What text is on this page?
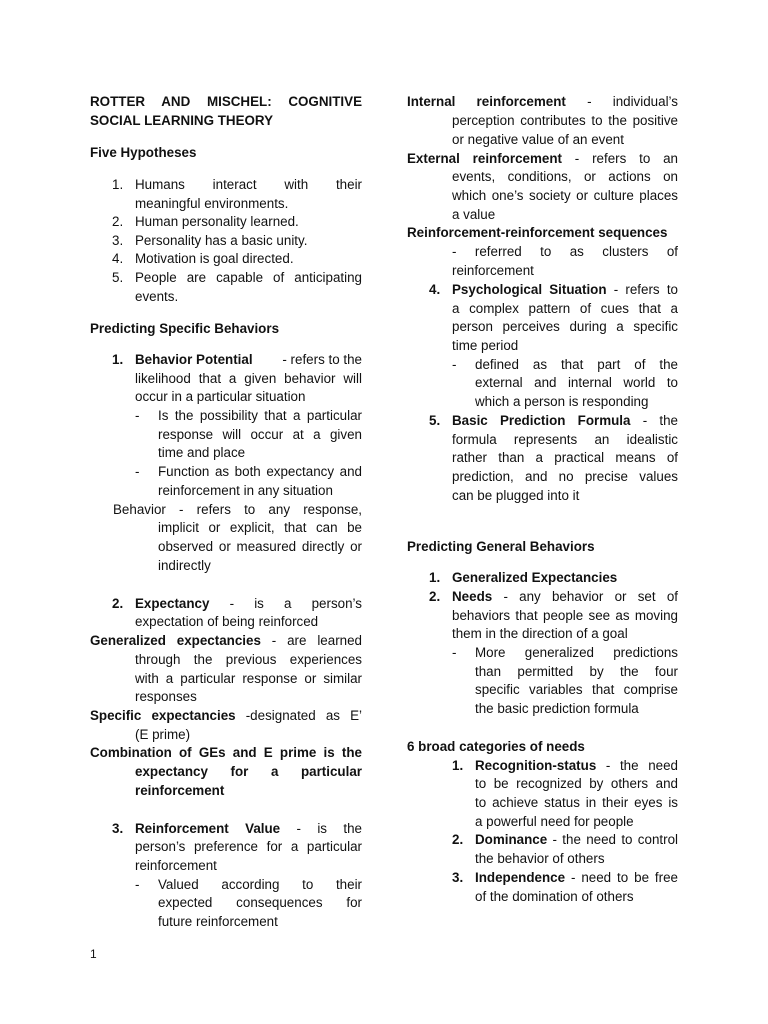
ROTTER AND MISCHEL: COGNITIVE
SOCIAL LEARNING THEORY
Five Hypotheses
1. Humans interact with their
meaningful environments.
2. Human personality learned.
3. Personality has a basic unity.
4. Motivation is goal directed.
5. People are capable of anticipating
events.
Predicting Specific Behaviors
1. Behavior Potential - refers to the
likelihood that a given behavior will
occur in a particular situation
- Is the possibility that a particular
response will occur at a given
time and place
- Function as both expectancy and
reinforcement in any situation
Behavior - refers to any response,
implicit or explicit, that can be
observed or measured directly or
indirectly
2. Expectancy - is a person’s
expectation of being reinforced
Generalized expectancies - are learned
through the previous experiences
with a particular response or similar
responses
Specific expectancies -designated as E’
(E prime)
Combination of GEs and E prime is the
expectancy for a particular
reinforcement
3. Reinforcement Value - is the
person’s preference for a particular
reinforcement
- Valued according to their
expected consequences for
future reinforcement
Internal reinforcement - individual’s
perception contributes to the positive
or negative value of an event
External reinforcement - refers to an
events, conditions, or actions on
which one’s society or culture places
a value
Reinforcement-reinforcement sequences
- referred to as clusters of
reinforcement
4. Psychological Situation - refers to
a complex pattern of cues that a
person perceives during a specific
time period
- defined as that part of the
external and internal world to
which a person is responding
5. Basic Prediction Formula - the
formula represents an idealistic
rather than a practical means of
prediction, and no precise values
can be plugged into it
Predicting General Behaviors
1. Generalized Expectancies
2. Needs - any behavior or set of
behaviors that people see as moving
them in the direction of a goal
- More generalized predictions
than permitted by the four
specific variables that comprise
the basic prediction formula
6 broad categories of needs
1. Recognition-status - the need
to be recognized by others and
to achieve status in their eyes is
a powerful need for people
2. Dominance - the need to control
the behavior of others
3. Independence - need to be free
of the domination of others
1
